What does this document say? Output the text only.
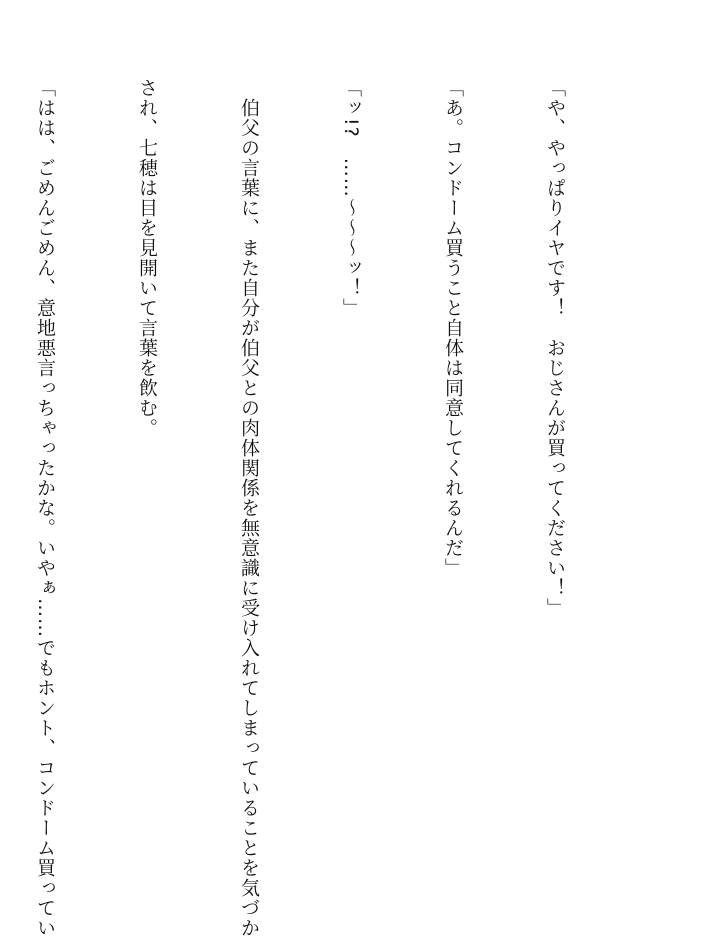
「や、やっぱりイヤです！　おじさんが買ってください！」

「あ。コンドーム買うこと自体は同意してくれるんだ」

「ッ!?　……～～～ッ！」

　伯父の言葉に、また自分が伯父との肉体関係を無意識に受け入れてしまっていることを気づか

され、七穂は目を見開いて言葉を飲む。

「はは、ごめんごめん、意地悪言っちゃったかな。いやぁ……でもホント、コンドーム買ってい
